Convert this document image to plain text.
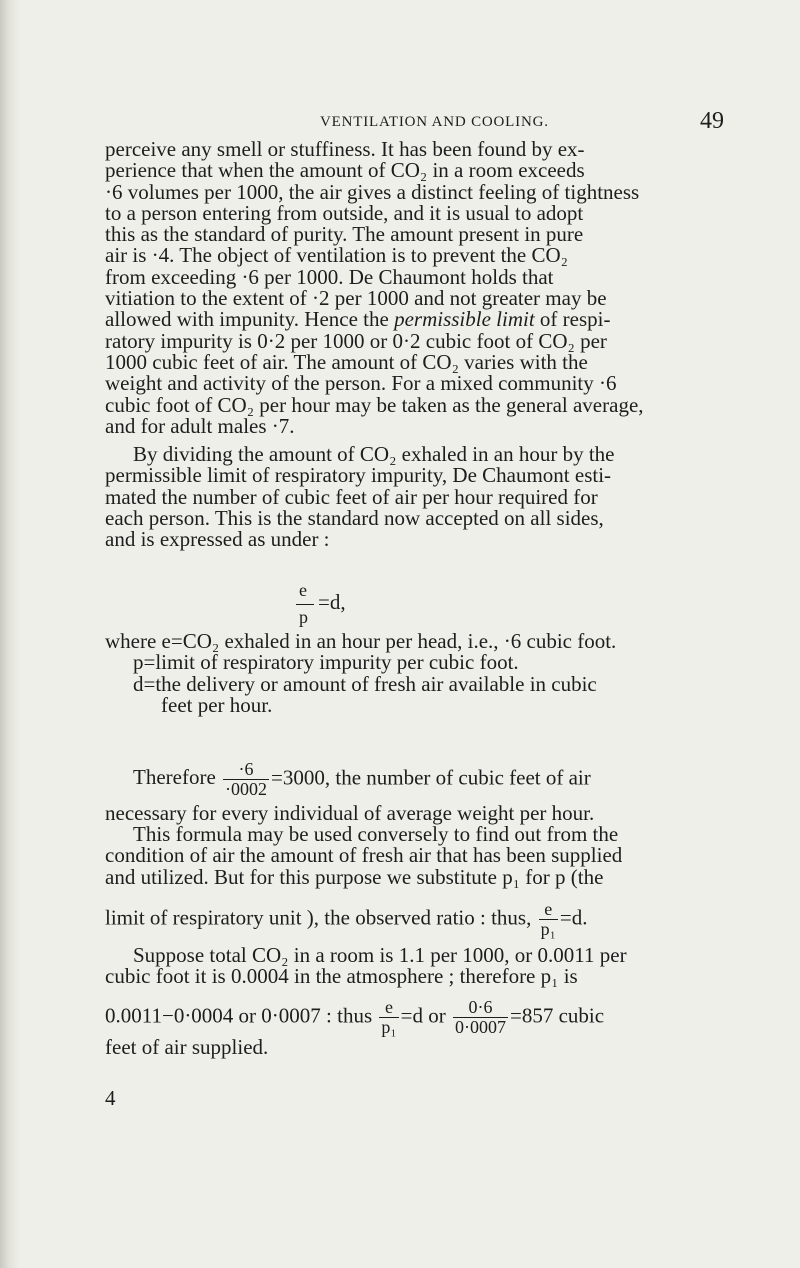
VENTILATION AND COOLING.	49
perceive any smell or stuffiness. It has been found by ex-
perience that when the amount of CO₂ in a room exceeds
·6 volumes per 1000, the air gives a distinct feeling of tightness
to a person entering from outside, and it is usual to adopt
this as the standard of purity. The amount present in pure
air is ·4. The object of ventilation is to prevent the CO₂
from exceeding ·6 per 1000. De Chaumont holds that
vitiation to the extent of ·2 per 1000 and not greater may be
allowed with impunity. Hence the permissible limit of respi-
ratory impurity is 0·2 per 1000 or 0·2 cubic foot of CO₂ per
1000 cubic feet of air. The amount of CO₂ varies with the
weight and activity of the person. For a mixed community ·6
cubic foot of CO₂ per hour may be taken as the general average,
and for adult males ·7.
By dividing the amount of CO₂ exhaled in an hour by the
permissible limit of respiratory impurity, De Chaumont esti-
mated the number of cubic feet of air per hour required for
each person. This is the standard now accepted on all sides,
and is expressed as under :
e
p
=d,
where e=CO₂ exhaled in an hour per head, i.e., ·6 cubic foot.
p=limit of respiratory impurity per cubic foot.
d=the delivery or amount of fresh air available in cubic
feet per hour.
Therefore $\frac{\cdot 6}{\cdot 0002} =3000$, the number of cubic feet of air
necessary for every individual of average weight per hour.
This formula may be used conversely to find out from the
condition of air the amount of fresh air that has been supplied
and utilized. But for this purpose we substitute p₁ for p (the
limit of respiratory unit ), the observed ratio : thus, $\frac{e}{\text{p₁}} =d$.
Suppose total CO₂ in a room is 1.1 per 1000, or 0.0011 per
cubic foot it is 0.0004 in the atmosphere ; therefore p₁ is
0.0011−0·0004 or 0·0007 : thus $\frac{e}{\text{p₁}} =d$ or $\frac{0\cdot 6}{0\cdot 0007} =857$ cubic
feet of air supplied.
4
